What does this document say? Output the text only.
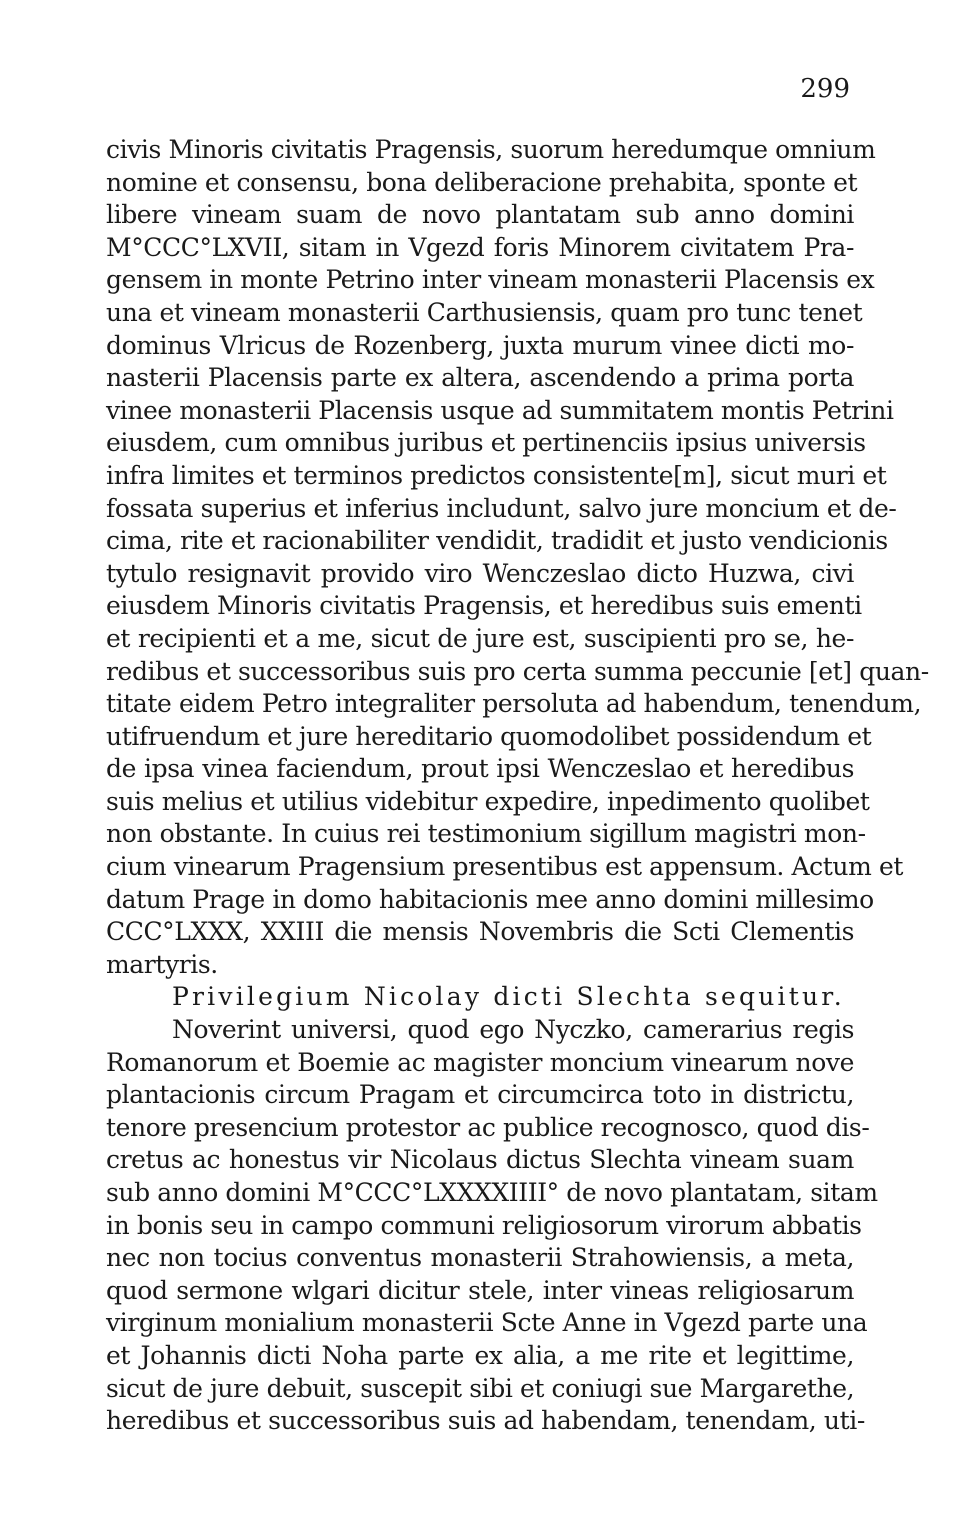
299
civis Minoris civitatis Pragensis, suorum heredumque omnium
nomine et consensu, bona deliberacione prehabita, sponte et
libere vineam suam de novo plantatam sub anno domini
M°CCC°LXVII, sitam in Vgezd foris Minorem civitatem Pra-
gensem in monte Petrino inter vineam monasterii Placensis ex
una et vineam monasterii Carthusiensis, quam pro tunc tenet
dominus Vlricus de Rozenberg, juxta murum vinee dicti mo-
nasterii Placensis parte ex altera, ascendendo a prima porta
vinee monasterii Placensis usque ad summitatem montis Petrini
eiusdem, cum omnibus juribus et pertinenciis ipsius universis
infra limites et terminos predictos consistente[m], sicut muri et
fossata superius et inferius includunt, salvo jure moncium et de-
cima, rite et racionabiliter vendidit, tradidit et justo vendicionis
tytulo resignavit provido viro Wenczeslao dicto Huzwa, civi
eiusdem Minoris civitatis Pragensis, et heredibus suis ementi
et recipienti et a me, sicut de jure est, suscipienti pro se, he-
redibus et successoribus suis pro certa summa peccunie [et] quan-
titate eidem Petro integraliter persoluta ad habendum, tenendum,
utifruendum et jure hereditario quomodolibet possidendum et
de ipsa vinea faciendum, prout ipsi Wenczeslao et heredibus
suis melius et utilius videbitur expedire, inpedimento quolibet
non obstante. In cuius rei testimonium sigillum magistri mon-
cium vinearum Pragensium presentibus est appensum. Actum et
datum Prage in domo habitacionis mee anno domini millesimo
CCC°LXXX, XXIII die mensis Novembris die Scti Clementis
martyris.
Privilegium Nicolay dicti Slechta sequitur.
Noverint universi, quod ego Nyczko, camerarius regis
Romanorum et Boemie ac magister moncium vinearum nove
plantacionis circum Pragam et circumcirca toto in districtu,
tenore presencium protestor ac publice recognosco, quod dis-
cretus ac honestus vir Nicolaus dictus Slechta vineam suam
sub anno domini M°CCC°LXXXXIIII° de novo plantatam, sitam
in bonis seu in campo communi religiosorum virorum abbatis
nec non tocius conventus monasterii Strahowiensis, a meta,
quod sermone wlgari dicitur stele, inter vineas religiosarum
virginum monialium monasterii Scte Anne in Vgezd parte una
et Johannis dicti Noha parte ex alia, a me rite et legittime,
sicut de jure debuit, suscepit sibi et coniugi sue Margarethe,
heredibus et successoribus suis ad habendam, tenendam, uti-
